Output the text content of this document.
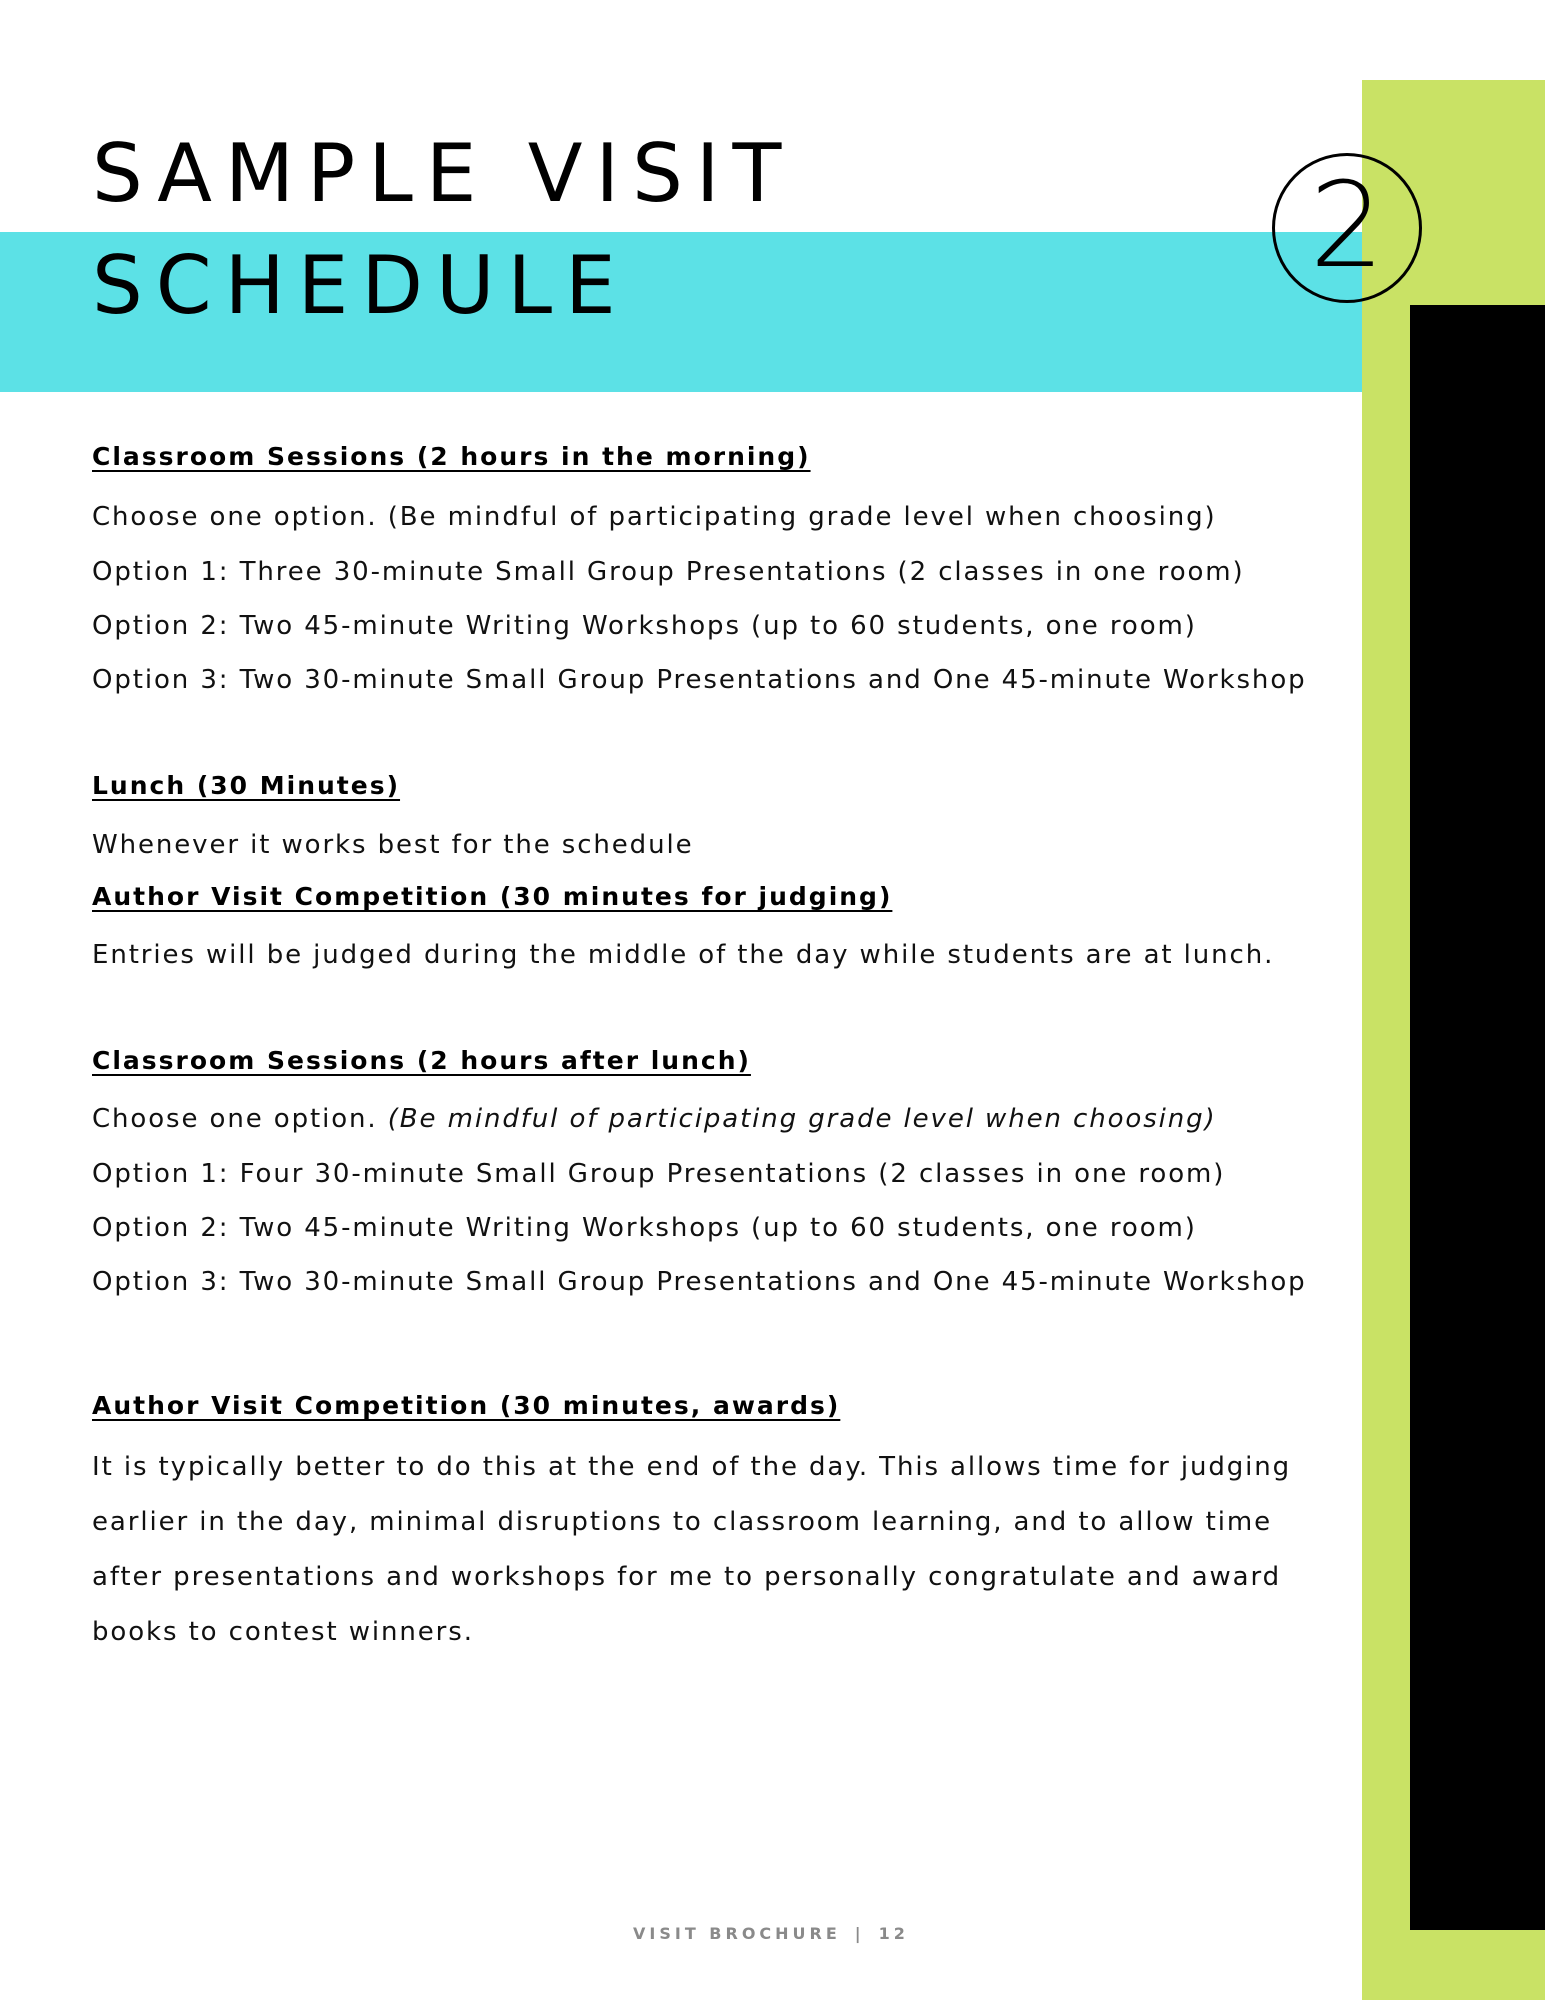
SAMPLE VISIT
SCHEDULE	2
Classroom Sessions (2 hours in the morning)

Choose one option. (Be mindful of participating grade level when choosing)

Option 1: Three 30-minute Small Group Presentations (2 classes in one room)

Option 2: Two 45-minute Writing Workshops (up to 60 students, one room)

Option 3: Two 30-minute Small Group Presentations and One 45-minute Workshop

Lunch (30 Minutes)

Whenever it works best for the schedule

Author Visit Competition (30 minutes for judging)

Entries will be judged during the middle of the day while students are at lunch.

Classroom Sessions (2 hours after lunch)

Choose one option. (Be mindful of participating grade level when choosing)

Option 1: Four 30-minute Small Group Presentations (2 classes in one room)

Option 2: Two 45-minute Writing Workshops (up to 60 students, one room)

Option 3: Two 30-minute Small Group Presentations and One 45-minute Workshop

Author Visit Competition (30 minutes, awards)

It is typically better to do this at the end of the day. This allows time for judging

earlier in the day, minimal disruptions to classroom learning, and to allow time

after presentations and workshops for me to personally congratulate and award

books to contest winners.

VISIT BROCHURE | 12
